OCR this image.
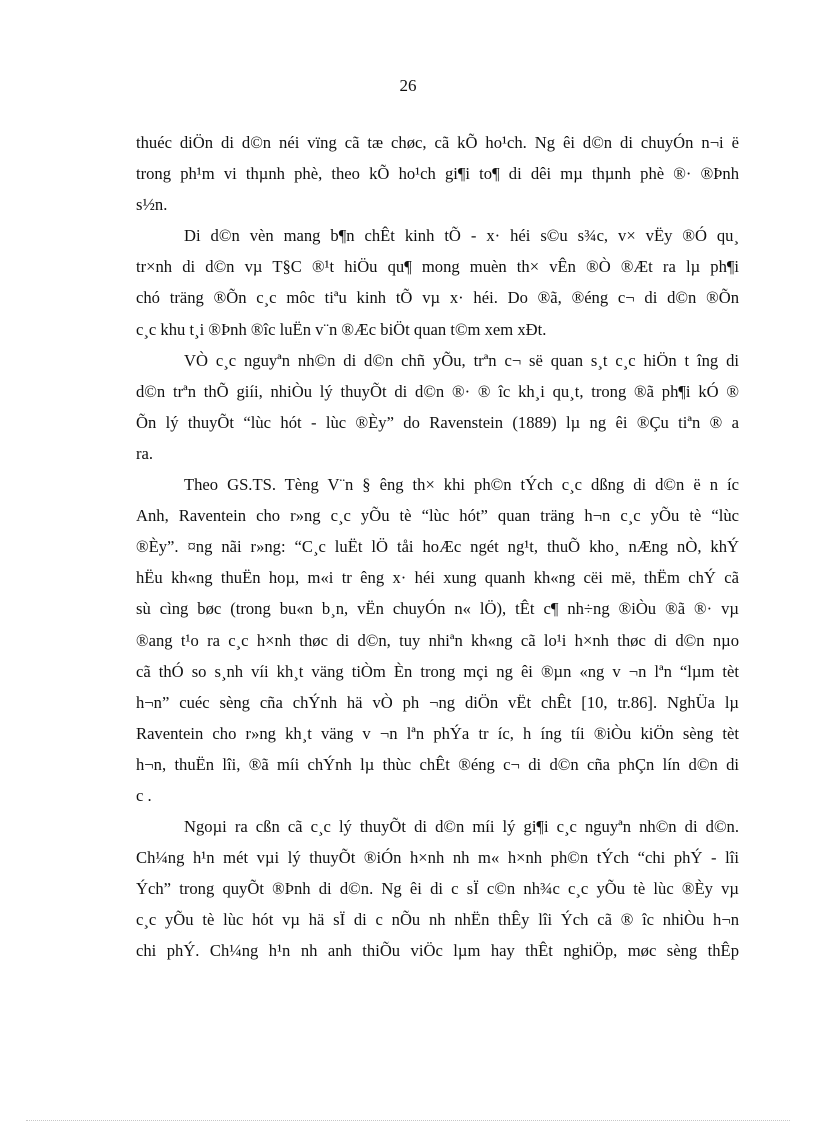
26
thuéc diÖn di d©n néi vïng cã tæ chøc, cã kÕ ho¹ch. Ng êi d©n di chuyÓn n¬i ë
trong ph¹m vi thµnh phè, theo kÕ ho¹ch gi¶i to¶ di dêi mµ thµnh phè ®· ®Þnh
s½n.
Di d©n vèn mang b¶n chÊt kinh tÕ - x· héi s©u s¾c, v× vËy ®Ó qu¸
tr×nh di d©n vµ T§C ®¹t hiÖu qu¶ mong muèn th× vÊn ®Ò ®Æt ra lµ ph¶i
chó träng ®Õn c¸c môc tiªu kinh tÕ vµ x· héi. Do ®ã, ®éng c¬ di d©n ®Õn
c¸c khu t¸i ®Þnh ®îc luËn v¨n ®Æc biÖt quan t©m xem xÐt.
VÒ c¸c nguyªn nh©n di d©n chñ yÕu, trªn c¬ së quan s¸t c¸c hiÖn t îng di
d©n trªn thÕ giíi, nhiÒu lý thuyÕt di d©n ®· ® îc kh¸i qu¸t, trong ®ã ph¶i kÓ ®
Õn lý thuyÕt “lùc hót - lùc ®Èy” do Ravenstein (1889) lµ ng êi ®Çu tiªn ® a
ra.
Theo GS.TS. Tèng V¨n § êng th× khi ph©n tÝch c¸c dßng di d©n ë n íc
Anh, Raventein cho r»ng c¸c yÕu tè “lùc hót” quan träng h¬n c¸c yÕu tè “lùc
®Èy”. ¤ng nãi r»ng: “C¸c luËt lÖ tåi hoÆc ngét ng¹t, thuÕ kho¸ nÆng nÒ, khÝ
hËu kh«ng thuËn hoµ, m«i tr êng x· héi xung quanh kh«ng cëi më, thËm chÝ cã
sù cìng bøc (trong bu«n b¸n, vËn chuyÓn n« lÖ), tÊt c¶ nh÷ng ®iÒu ®ã ®· vµ
®ang t¹o ra c¸c h×nh thøc di d©n, tuy nhiªn kh«ng cã lo¹i h×nh thøc di d©n nµo
cã thÓ so s¸nh víi kh¸t väng tiÒm Èn trong mçi ng êi ®µn «ng v ¬n lªn “lµm tèt
h¬n” cuéc sèng cña chÝnh hä vÒ ph ¬ng diÖn vËt chÊt [10, tr.86]. NghÜa lµ
Raventein cho r»ng kh¸t väng v ¬n lªn phÝa tr íc, h íng tíi ®iÒu kiÖn sèng tèt
h¬n, thuËn lîi, ®ã míi chÝnh lµ thùc chÊt ®éng c¬ di d©n cña phÇn lín d©n di
c .
Ngoµi ra cßn cã c¸c lý thuyÕt di d©n míi lý gi¶i c¸c nguyªn nh©n di d©n.
Ch¼ng h¹n mét vµi lý thuyÕt ®iÓn h×nh nh m« h×nh ph©n tÝch “chi phÝ - lîi
Ých” trong quyÕt ®Þnh di d©n. Ng êi di c sÏ c©n nh¾c c¸c yÕu tè lùc ®Èy vµ
c¸c yÕu tè lùc hót vµ hä sÏ di c nÕu nh nhËn thÊy lîi Ých cã ® îc nhiÒu h¬n
chi phÝ. Ch¼ng h¹n nh anh thiÕu viÖc lµm hay thÊt nghiÖp, møc sèng thÊp
